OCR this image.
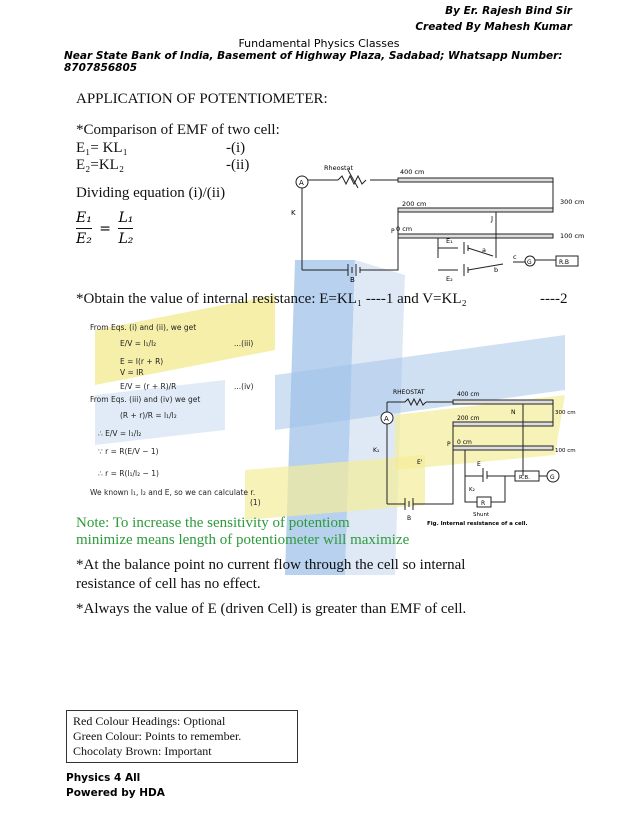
By Er. Rajesh Bind Sir
Created By Mahesh Kumar
Fundamental Physics Classes
Near State Bank of India, Basement of Highway Plaza, Sadabad; Whatsapp Number: 8707856805
APPLICATION OF POTENTIOMETER:
*Comparison of EMF of two cell:
E₁= KL₁	-(i)
E₂=KL₂	-(ii)
Dividing equation (i)/(ii)
$\frac{\text{E₁}}{\text{E₂}} = \frac{\text{L₁}}{\text{L₂}}$
A
Rheostat
K
B
400 cm
300 cm
200 cm
100 cm
0 cm
J
P
E₁
E₂
a
b
c
G	R.B
*Obtain the value of internal resistance: E=KL₁ ----1 and V=KL₂	----2
From Eqs. (i) and (ii), we get
E/V = l₁/l₂	...(iii)
E = I(r + R)
V = IR
E/V = (r + R)/R	...(iv)
From Eqs. (iii) and (iv) we get
(R + r)/R = l₁/l₂
∴ E/V = l₁/l₂
∵ r = R(E/V − 1)
∴ r = R(l₁/l₂ − 1)
We known l₁, l₂ and E, so we can calculate r.
(1)
A
RHEOSTAT
K₁
B
400 cm
300 cm
200 cm
100 cm
0 cm
N
P
E'	E
R.B.	G
K₂
R
Shunt
Fig. Internal resistance of a cell.
Note: To increase the sensitivity of potentiom
minimize means length of potentiometer will maximize
*At the balance point no current flow through the cell so internal
resistance of cell has no effect.
*Always the value of E (driven Cell) is greater than EMF of cell.
Red Colour Headings: Optional
Green Colour: Points to remember.
Chocolaty Brown: Important
Physics 4 All
Powered by HDA
